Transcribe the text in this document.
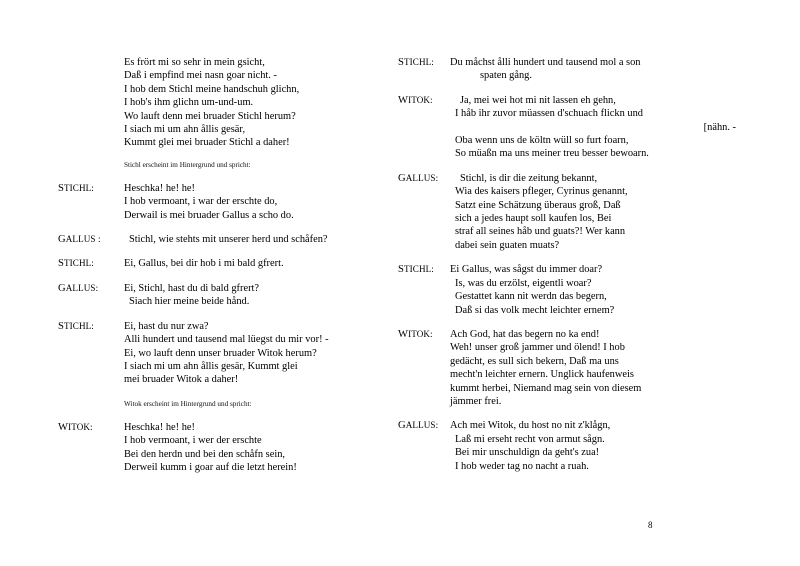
Es frört mi so sehr in mein gsicht,
Daß i empfind mei nasn goar nicht. -
I hob dem Stichl meine handschuh glichn,
I hob's ihm glichn um-und-um.
Wo lauft denn mei bruader Stichl herum?
I siach mi um ahn ållis gesär,
Kummt glei mei bruader Stichl a daher!
Stichl erscheint im Hintergrund und spricht:
STICHL:	Heschka! he! he!
I hob vermoant, i war der erschte do,
Derwail is mei bruader Gallus a scho do.
GALLUS :	Stichl, wie stehts mit unserer herd und schåfen?
STICHL:	Ei, Gallus, bei dir hob i mi bald gfrert.
GALLUS: Ei, Stichl, hast du di bald gfrert?
Siach hier meine beide hånd.
STICHL:	Ei, hast du nur zwa?
Alli hundert und tausend mal lüegst du mir vor! -
Ei, wo lauft denn unser bruader Witok herum?
I siach mi um ahn ållis gesär, Kummt glei
mei bruader Witok a daher!
Witok erscheint im Hintergrund und spricht:
WITOK:	Heschka! he! he!
I hob vermoant, i wer der erschte
Bei den herdn und bei den schåfn sein,
Derweil kumm i goar auf die letzt herein!
STICHL: Du måchst ålli hundert und tausend mol a son
spaten gång.
WITOK:	Ja, mei wei hot mi nit lassen eh gehn,
I håb ihr zuvor müassen d'schuach flickn und
[nähn. -
Oba wenn uns de költn wüll so furt foarn,
So müaßn ma uns meiner treu besser bewoarn.
GALLUS:	Stichl, is dir die zeitung bekannt,
Wia des kaisers pfleger, Cyrinus genannt,
Satzt eine Schätzung überaus groß, Daß
sich a jedes haupt soll kaufen los, Bei
straf all seines håb und guats?! Wer kann
dabei sein guaten muats?
STICHL: Ei Gallus, was sågst du immer doar?
Is, was du erzölst, eigentli woar?
Gestattet kann nit werdn das begern,
Daß si das volk mecht leichter ernem?
WITOK: Ach God, hat das begern no ka end!
Weh! unser groß jammer und ölend! I hob
gedächt, es sull sich bekern, Daß ma uns
mecht'n leichter ernern. Unglick haufenweis
kummt herbei, Niemand mag sein von diesem
jämmer frei.
GALLUS: Ach mei Witok, du host no nit z'klågn,
Laß mi erseht recht von armut sågn.
Bei mir unschuldign da geht's zua!
I hob weder tag no nacht a ruah.
8
